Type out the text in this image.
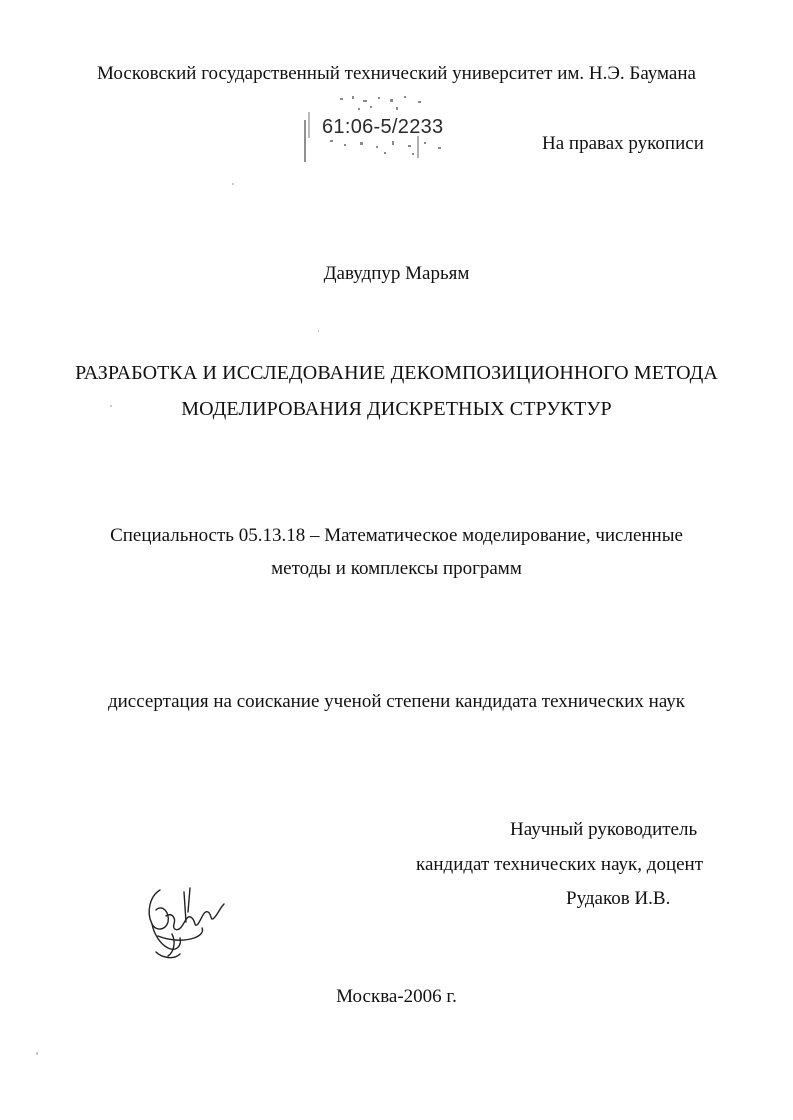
Московский государственный технический университет им. Н.Э. Баумана
61:06-5/2233
На правах рукописи
Давудпур Марьям
РАЗРАБОТКА И ИССЛЕДОВАНИЕ ДЕКОМПОЗИЦИОННОГО МЕТОДА
МОДЕЛИРОВАНИЯ ДИСКРЕТНЫХ СТРУКТУР
Специальность 05.13.18 – Математическое моделирование, численные
методы и комплексы программ
диссертация на соискание ученой степени кандидата технических наук
Научный руководитель
кандидат технических наук, доцент
Рудаков И.В.
Москва-2006 г.
